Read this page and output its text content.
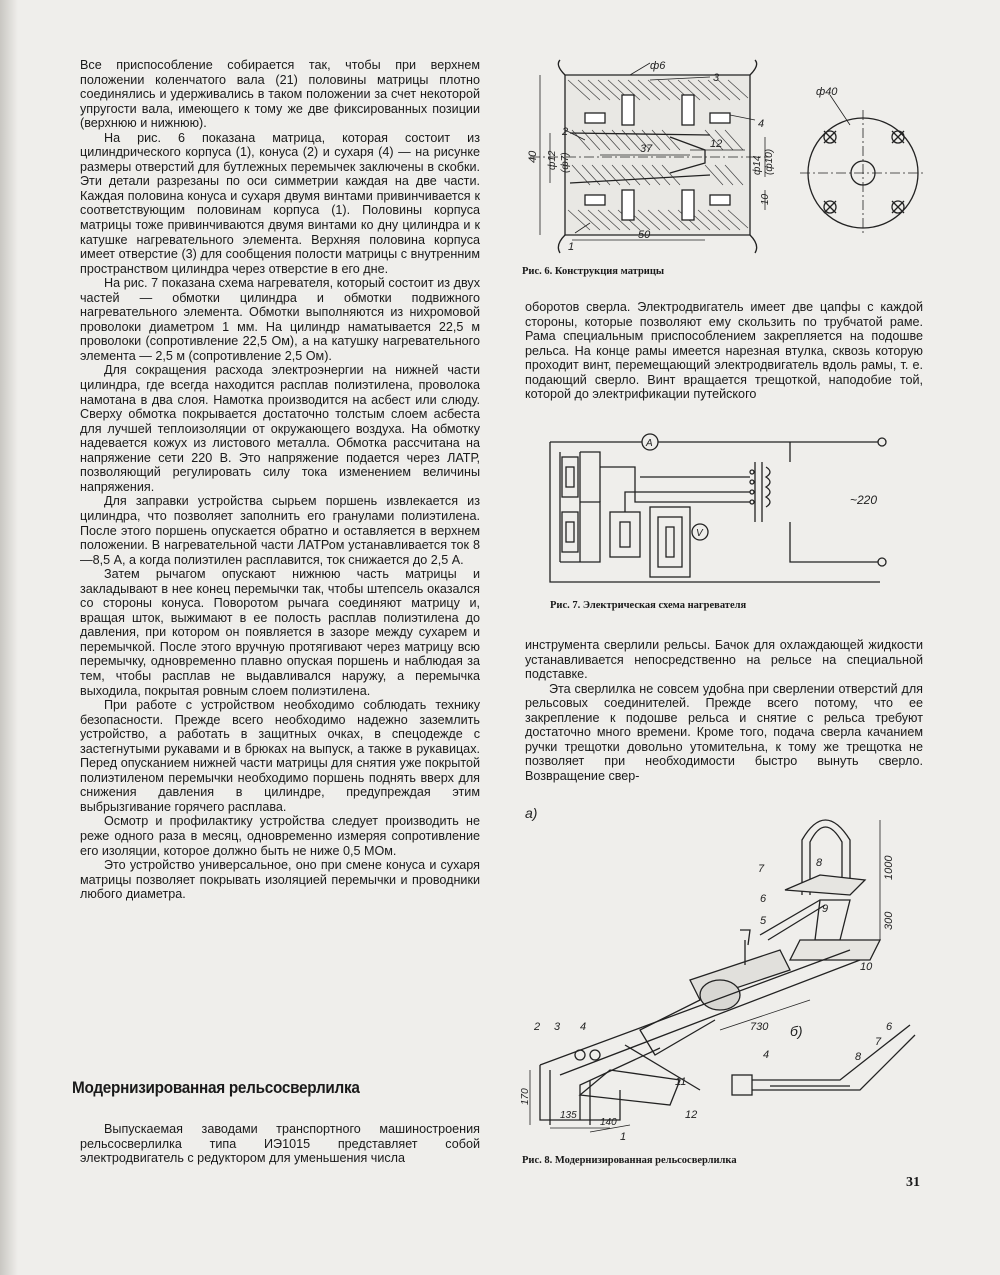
Все приспособление собирается так, чтобы при верхнем положении коленчатого вала (21) половины матрицы плотно соединялись и удерживались в таком положении за счет некоторой упругости вала, имеющего к тому же две фиксированных позиции (верхнюю и нижнюю).

На рис. 6 показана матрица, которая состоит из цилиндрического корпуса (1), конуса (2) и сухаря (4) — на рисунке размеры отверстий для бутлежных перемычек заключены в скобки. Эти детали разрезаны по оси симметрии каждая на две части. Каждая половина конуса и сухаря двумя винтами привинчивается к соответствующим половинам корпуса (1). Половины корпуса матрицы тоже привинчиваются двумя винтами ко дну цилиндра и к катушке нагревательного элемента. Верхняя половина корпуса имеет отверстие (3) для сообщения полости матрицы с внутренним пространством цилиндра через отверстие в его дне.

На рис. 7 показана схема нагревателя, который состоит из двух частей — обмотки цилиндра и обмотки подвижного нагревательного элемента. Обмотки выполняются из нихромовой проволоки диаметром 1 мм. На цилиндр наматывается 22,5 м проволоки (сопротивление 22,5 Ом), а на катушку нагревательного элемента — 2,5 м (сопротивление 2,5 Ом).

Для сокращения расхода электроэнергии на нижней части цилиндра, где всегда находится расплав полиэтилена, проволока намотана в два слоя. Намотка производится на асбест или слюду. Сверху обмотка покрывается достаточно толстым слоем асбеста для лучшей теплоизоляции от окружающего воздуха. На обмотку надевается кожух из листового металла. Обмотка рассчитана на напряжение сети 220 В. Это напряжение подается через ЛАТР, позволяющий регулировать силу тока изменением величины напряжения.

Для заправки устройства сырьем поршень извлекается из цилиндра, что позволяет заполнить его гранулами полиэтилена. После этого поршень опускается обратно и оставляется в верхнем положении. В нагревательной части ЛАТРом устанавливается ток 8—8,5 А, а когда полиэтилен расплавится, ток снижается до 2,5 А.

Затем рычагом опускают нижнюю часть матрицы и закладывают в нее конец перемычки так, чтобы штепсель оказался со стороны конуса. Поворотом рычага соединяют матрицу и, вращая шток, выжимают в ее полость расплав полиэтилена до давления, при котором он появляется в зазоре между сухарем и перемычкой. После этого вручную протягивают через матрицу всю перемычку, одновременно плавно опуская поршень и наблюдая за тем, чтобы расплав не выдавливался наружу, а перемычка выходила, покрытая ровным слоем полиэтилена.

При работе с устройством необходимо соблюдать технику безопасности. Прежде всего необходимо надежно заземлить устройство, а работать в защитных очках, в спецодежде с застегнутыми рукавами и в брюках на выпуск, а также в рукавицах. Перед опусканием нижней части матрицы для снятия уже покрытой полиэтиленом перемычки необходимо поршень поднять вверх для снижения давления в цилиндре, предупреждая этим выбрызгивание горячего расплава.

Осмотр и профилактику устройства следует производить не реже одного раза в месяц, одновременно измеряя сопротивление его изоляции, которое должно быть не ниже 0,5 МОм.

Это устройство универсальное, оно при смене конуса и сухаря матрицы позволяет покрывать изоляцией перемычки и проводники любого диаметра.

Модернизированная рельсосверлилка

Выпускаемая заводами транспортного машиностроения рельсосверлилка типа ИЭ1015 представляет собой электродвигатель с редуктором для уменьшения числа

ф6
3
4
2
1
ф40
40 ф12 (ф7)	ф14 (ф10)
37	12
10
50
Рис. 6. Конструкция матрицы

оборотов сверла. Электродвигатель имеет две цапфы с каждой стороны, которые позволяют ему скользить по трубчатой раме. Рама специальным приспособлением закрепляется на подошве рельса. На конце рамы имеется нарезная втулка, сквозь которую проходит винт, перемещающий электродвигатель вдоль рамы, т. е. подающий сверло. Винт вращается трещоткой, наподобие той, которой до электрификации путейского

A
V
~220
Рис. 7. Электрическая схема нагревателя

инструмента сверлили рельсы. Бачок для охлаждающей жидкости устанавливается непосредственно на рельсе на специальной подставке.

Эта сверлилка не совсем удобна при сверлении отверстий для рельсовых соединителей. Прежде всего потому, что ее закрепление к подошве рельса и снятие с рельса требуют достаточно много времени. Кроме того, подача сверла качанием ручки трещотки довольно утомительна, к тому же трещотка не позволяет при необходимости быстро вынуть сверло. Возвращение свер-

а)
б)
7	8
6
9
5
10
1000
300
730
2 3 4
170
135
140
1
11
12
4	8
7
6
Рис. 8. Модернизированная рельсосверлилка
31
